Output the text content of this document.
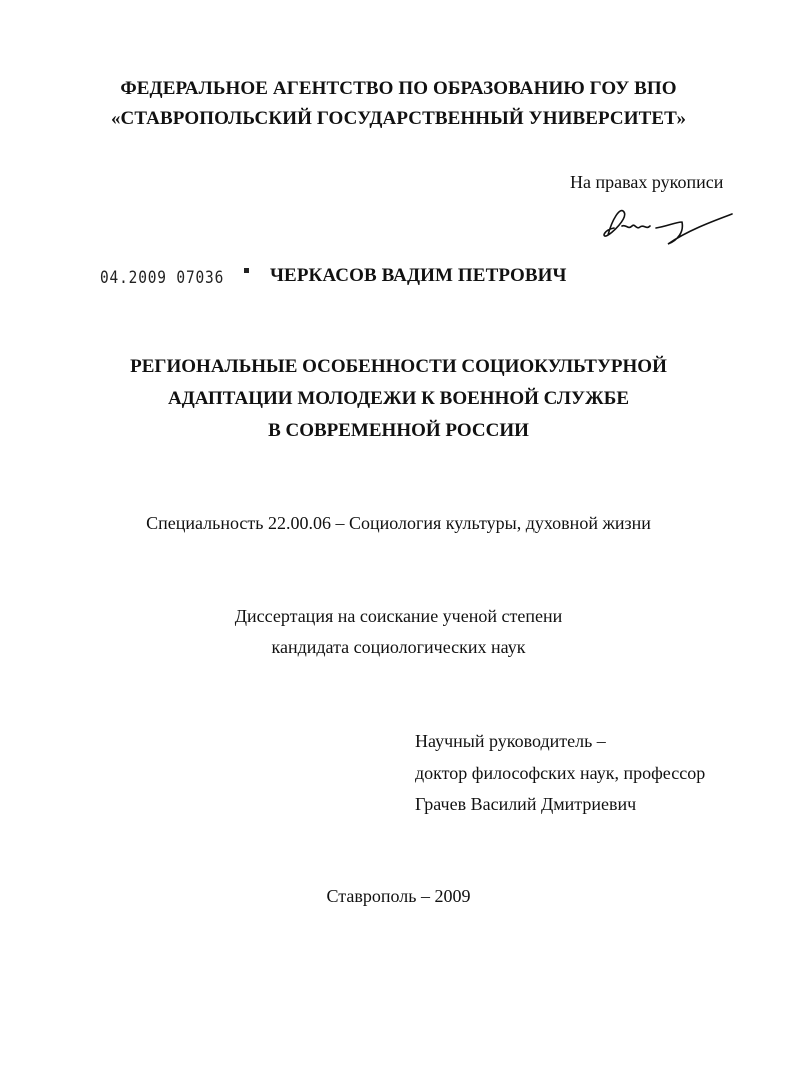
ФЕДЕРАЛЬНОЕ АГЕНТСТВО ПО ОБРАЗОВАНИЮ ГОУ ВПО
«СТАВРОПОЛЬСКИЙ ГОСУДАРСТВЕННЫЙ УНИВЕРСИТЕТ»
На правах рукописи
04.2009 07036 ЧЕРКАСОВ ВАДИМ ПЕТРОВИЧ
РЕГИОНАЛЬНЫЕ ОСОБЕННОСТИ СОЦИОКУЛЬТУРНОЙ
АДАПТАЦИИ МОЛОДЕЖИ К ВОЕННОЙ СЛУЖБЕ
В СОВРЕМЕННОЙ РОССИИ
Специальность 22.00.06 – Социология культуры, духовной жизни
Диссертация на соискание ученой степени
кандидата социологических наук
Научный руководитель –
доктор философских наук, профессор
Грачев Василий Дмитриевич
Ставрополь – 2009
